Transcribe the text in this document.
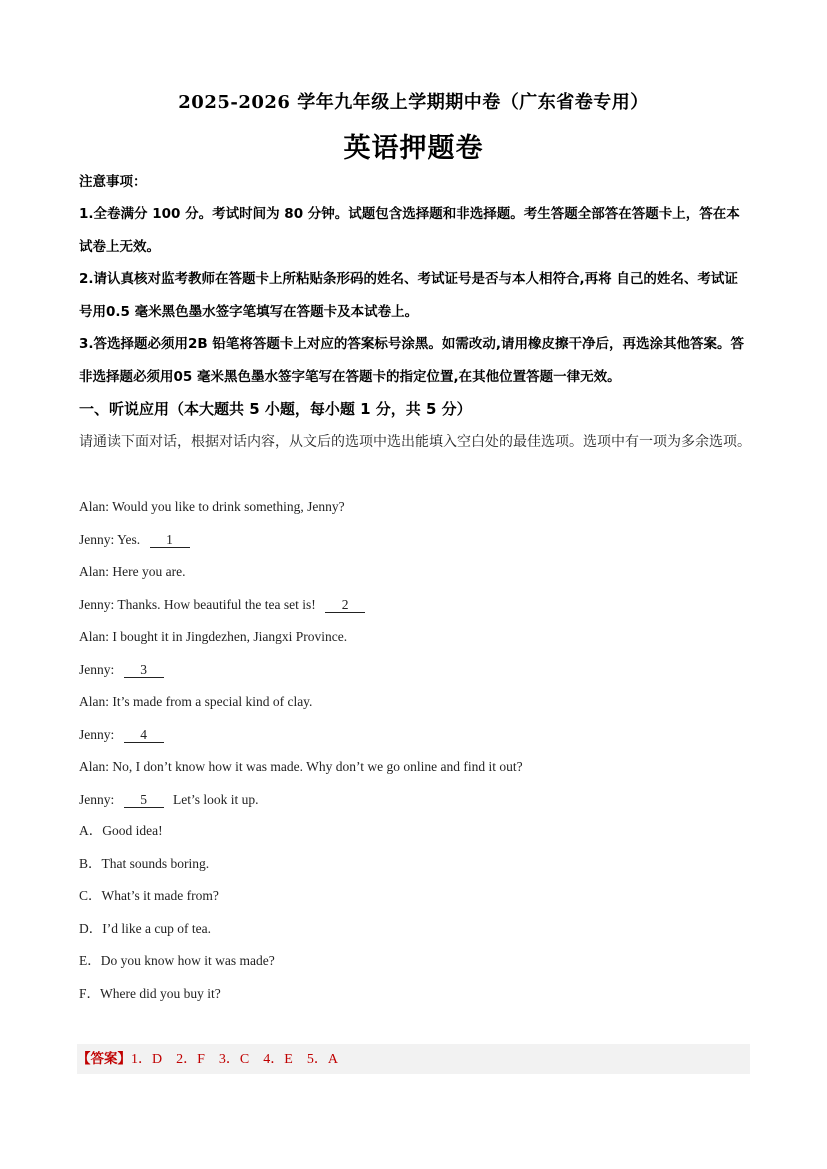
2025-2026 学年九年级上学期期中卷（广东省卷专用）
英语押题卷
注意事项：

1.全卷满分 100 分。考试时间为 80 分钟。试题包含选择题和非选择题。考生答题全部答在答题卡上，答在本试卷上无效。

2.请认真核对监考教师在答题卡上所粘贴条形码的姓名、考试证号是否与本人相符合,再将 自己的姓名、考试证号用0.5 毫米黑色墨水签字笔填写在答题卡及本试卷上。

3.答选择题必须用2B 铅笔将答题卡上对应的答案标号涂黑。如需改动,请用橡皮擦干净后，再选涂其他答案。答非选择题必须用05 毫米黑色墨水签字笔写在答题卡的指定位置,在其他位置答题一律无效。

一、听说应用（本大题共 5 小题，每小题 1 分，共 5 分）
请通读下面对话，根据对话内容，从文后的选项中选出能填入空白处的最佳选项。选项中有一项为多余选项。
Alan: Would you like to drink something, Jenny?
Jenny: Yes. 1
Alan: Here you are.
Jenny: Thanks. How beautiful the tea set is! 2
Alan: I bought it in Jingdezhen, Jiangxi Province.
Jenny: 3
Alan: It’s made from a special kind of clay.
Jenny: 4
Alan: No, I don’t know how it was made. Why don’t we go online and find it out?
Jenny: 5 Let’s look it up.
A．Good idea!
B．That sounds boring.
C．What’s it made from?
D．I’d like a cup of tea.
E．Do you know how it was made?
F．Where did you buy it?
【答案】1．D 2．F 3．C 4．E 5．A
